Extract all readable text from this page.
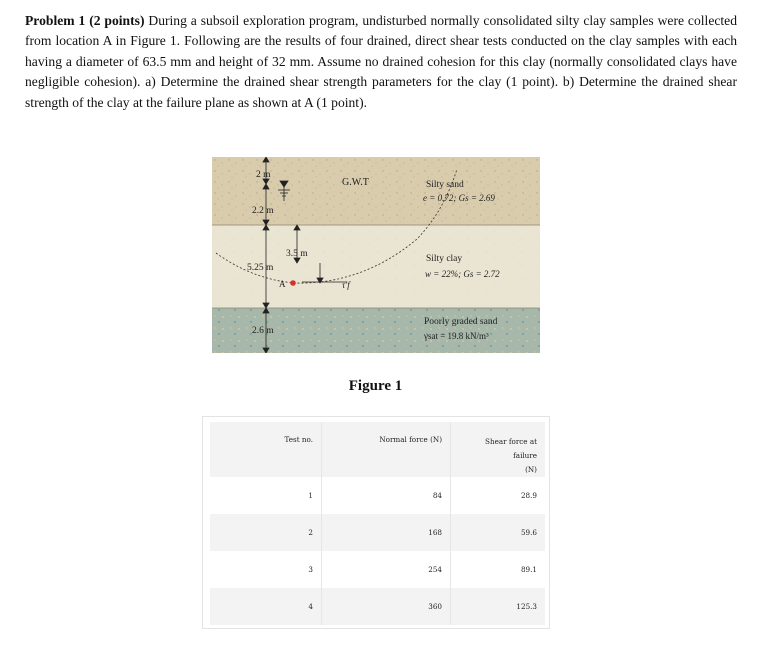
Problem 1 (2 points) During a subsoil exploration program, undisturbed normally consolidated silty clay samples were collected from location A in Figure 1. Following are the results of four drained, direct shear tests conducted on the clay samples with each having a diameter of 63.5 mm and height of 32 mm. Assume no drained cohesion for this clay (normally consolidated clays have negligible cohesion). a) Determine the drained shear strength parameters for the clay (1 point). b) Determine the drained shear strength of the clay at the failure plane as shown at A (1 point).
2 m
G.W.T
2.2 m
3.5 m
5.25 m
A	τ′f
2.6 m
Silty sand
e = 0.72; Gs = 2.69
Silty clay
w = 22%; Gs = 2.72
Poorly graded sand
γsat = 19.8 kN/m³
Figure 1
Test no.	Normal force (N)	Shear force at failure
(N)
1	84	28.9
2	168	59.6
3	254	89.1
4	360	125.3
